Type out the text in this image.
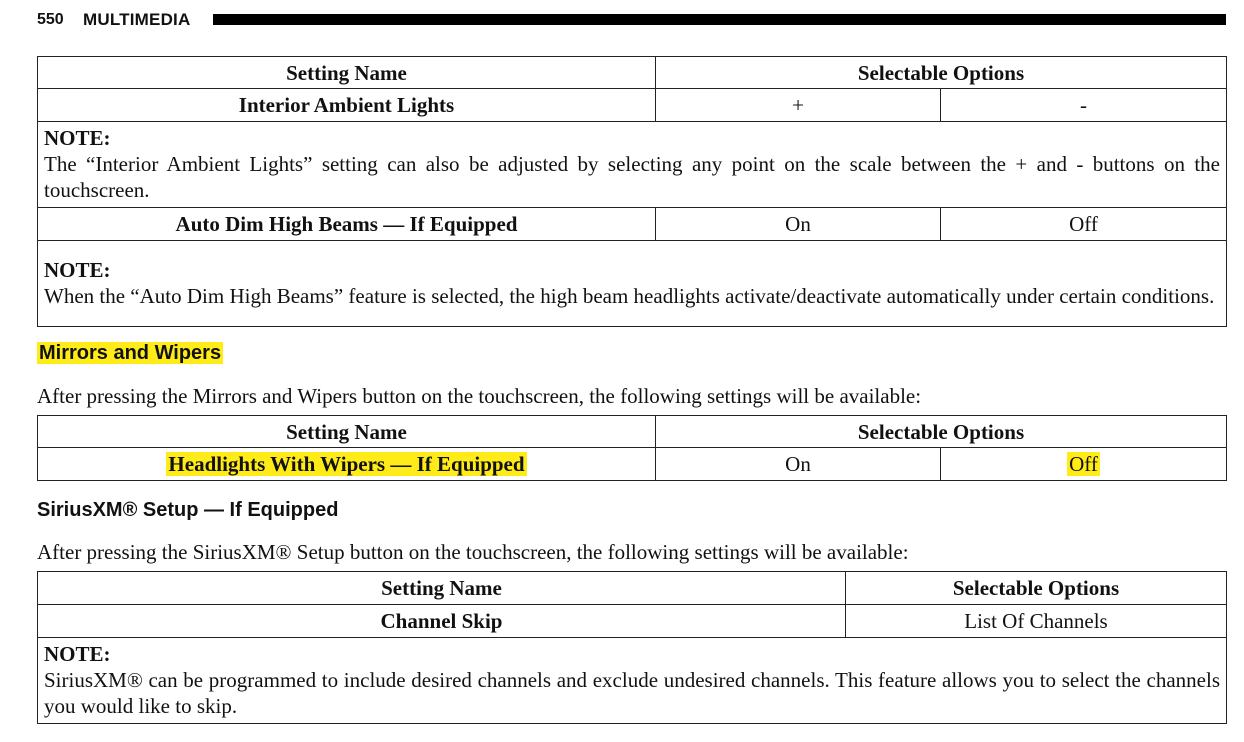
550 MULTIMEDIA
Setting Name	Selectable Options	
Interior Ambient Lights	+	-

NOTE:
The “Interior Ambient Lights” setting can also be adjusted by selecting any point on the scale between the + and - buttons on the touchscreen.		
Auto Dim High Beams — If Equipped	On	Off

NOTE:
When the “Auto Dim High Beams” feature is selected, the high beam headlights activate/deactivate automatically under certain conditions.		
Mirrors and Wipers
After pressing the Mirrors and Wipers button on the touchscreen, the following settings will be available:
Setting Name	Selectable Options	
Headlights With Wipers — If Equipped	On	Off
SiriusXM® Setup — If Equipped
After pressing the SiriusXM® Setup button on the touchscreen, the following settings will be available:
Setting Name	Selectable Options
Channel Skip	List Of Channels

NOTE:
SiriusXM® can be programmed to include desired channels and exclude undesired channels. This feature allows you to select the channels you would like to skip.	
